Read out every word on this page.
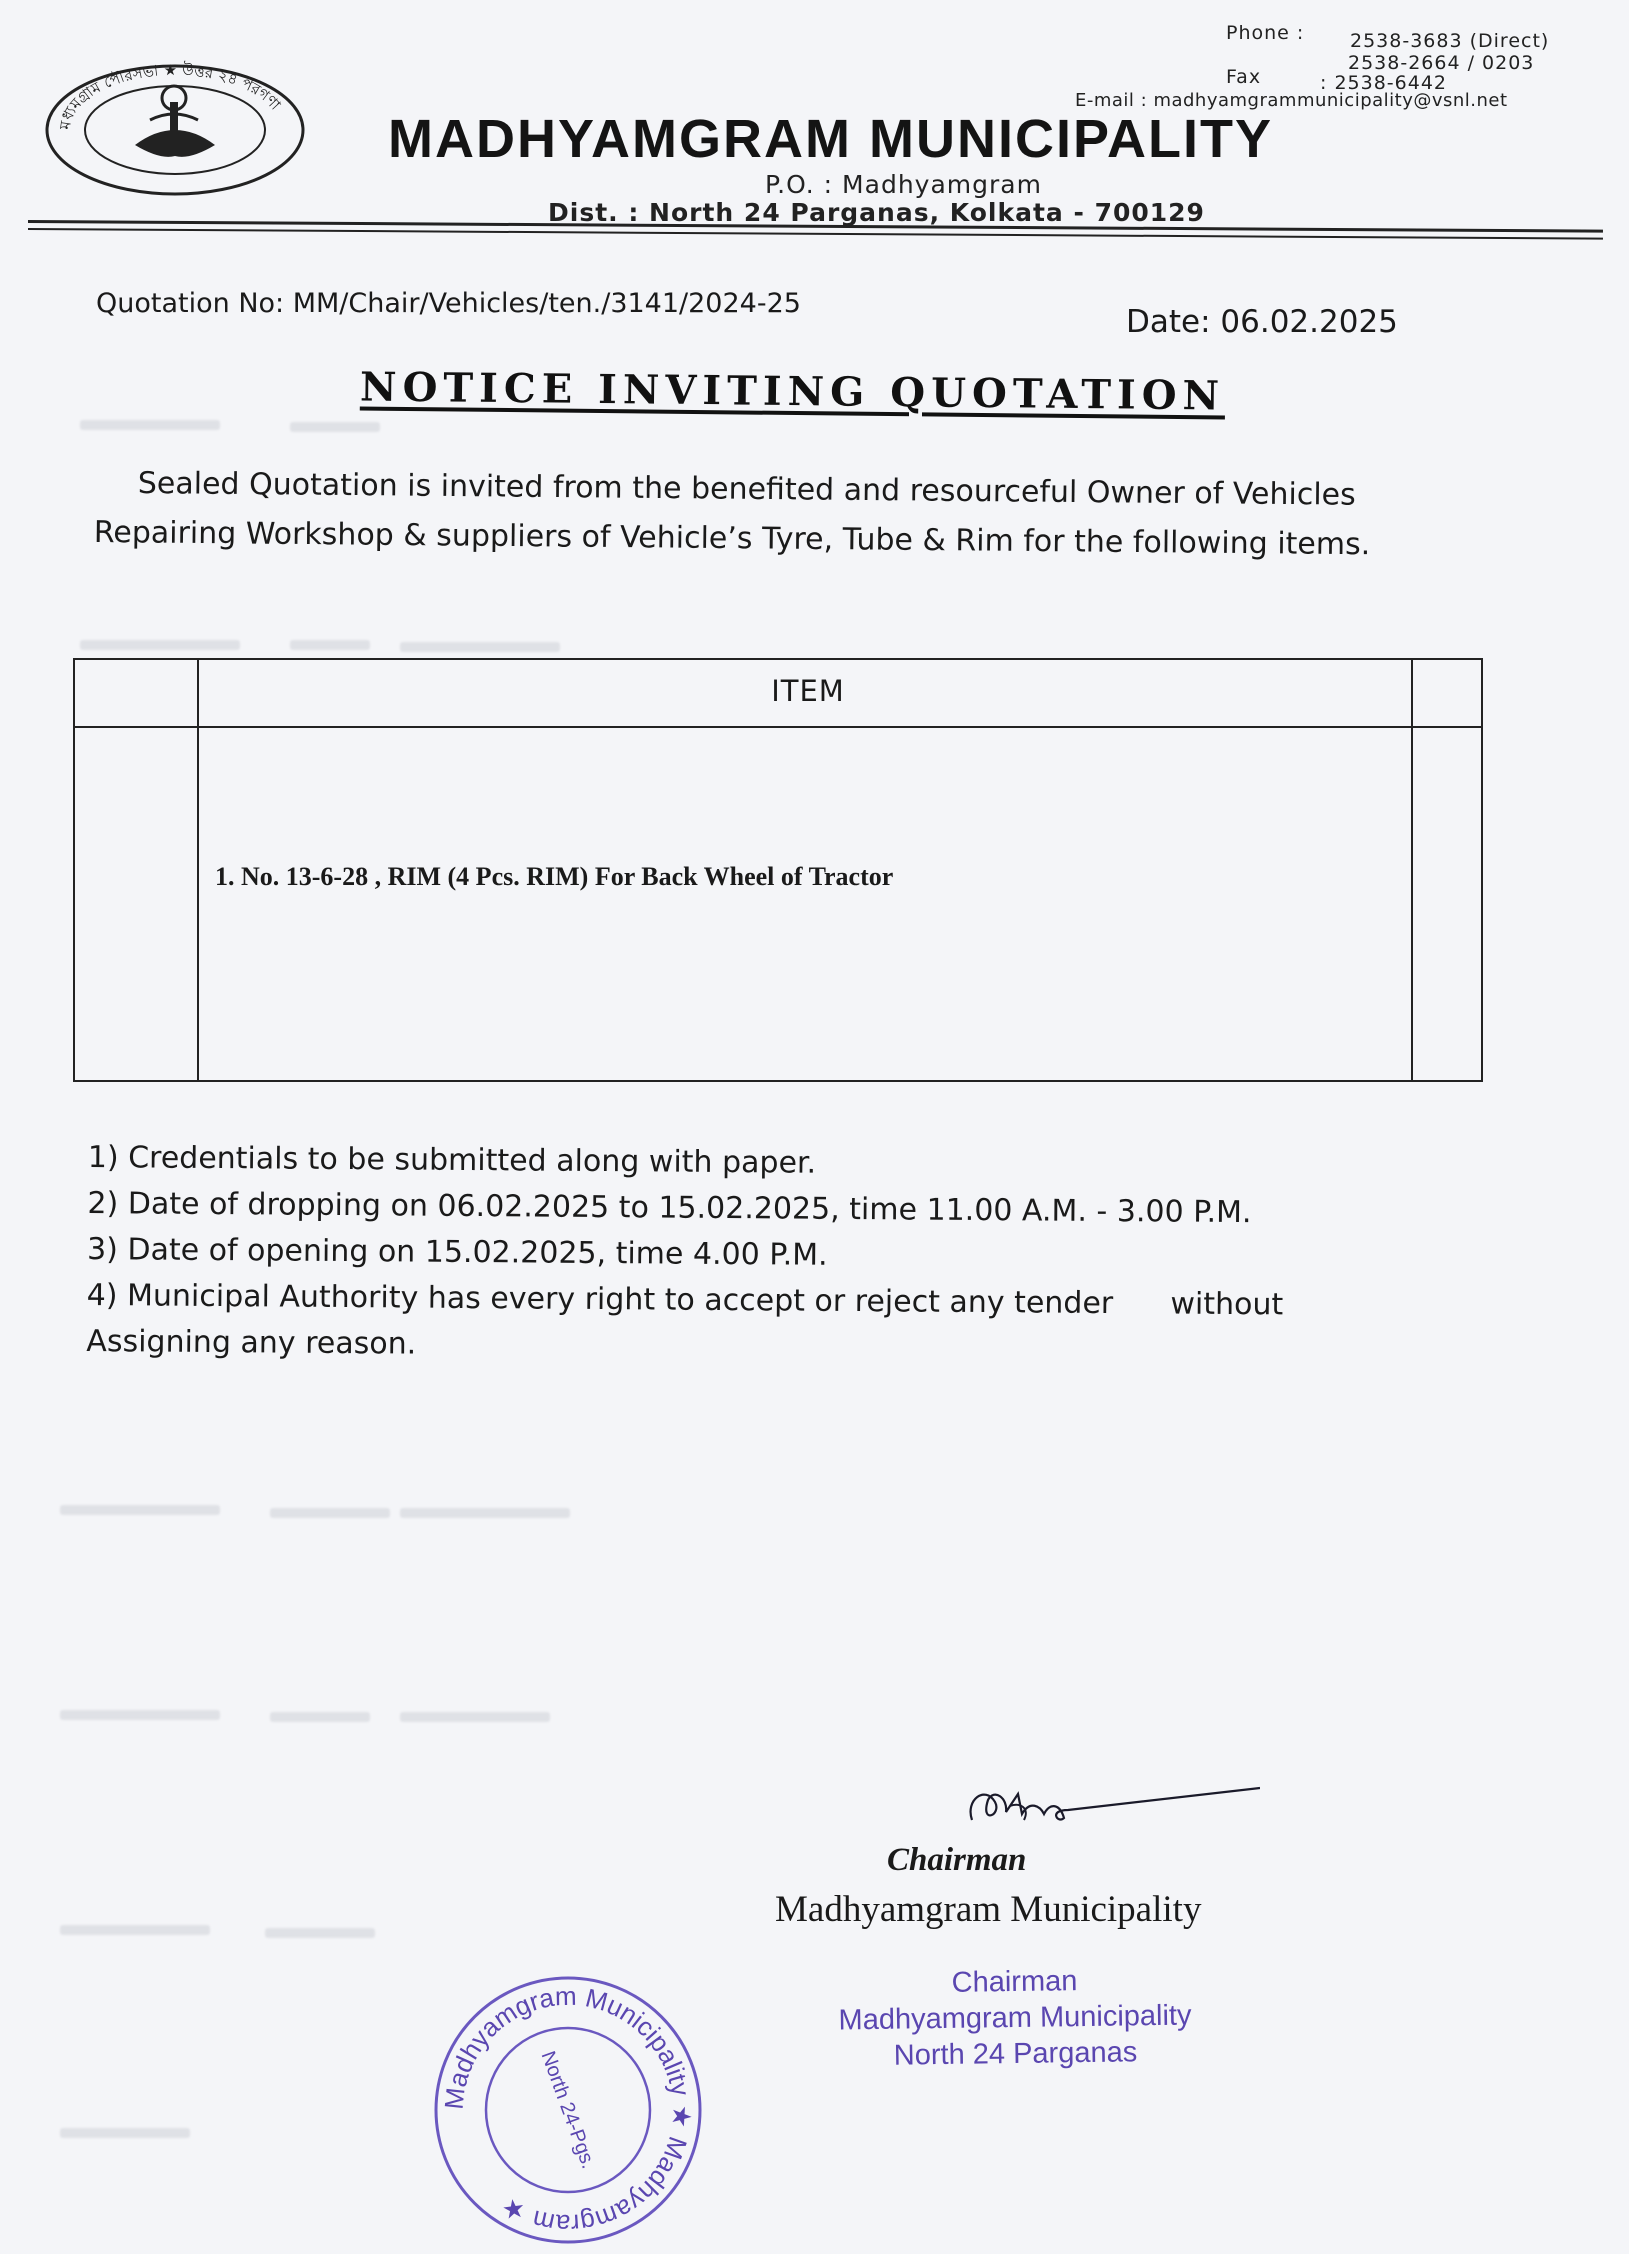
মধ্যমগ্রাম পৌরসভা ★ উত্তর ২৪ পরগণা
Phone : 2538-3683 (Direct)
2538-2664 / 0203
Fax	: 2538-6442
E-mail : madhyamgrammunicipality@vsnl.net
MADHYAMGRAM MUNICIPALITY
P.O. : Madhyamgram
Dist. : North 24 Parganas, Kolkata - 700129
Quotation No: MM/Chair/Vehicles/ten./3141/2024-25
Date: 06.02.2025
NOTICE INVITING QUOTATION
Sealed Quotation is invited from the benefited and resourceful Owner of Vehicles
Repairing Workshop & suppliers of Vehicle’s Tyre, Tube & Rim for the following items.
ITEM
1. No. 13-6-28 , RIM (4 Pcs. RIM) For Back Wheel of Tractor
1) Credentials to be submitted along with paper.
2) Date of dropping on 06.02.2025 to 15.02.2025, time 11.00 A.M. - 3.00 P.M.
3) Date of opening on 15.02.2025, time 4.00 P.M.
4) Municipal Authority has every right to accept or reject any tender      without
Assigning any reason.
Chairman
Madhyamgram Municipality
Chairman
Madhyamgram Municipality
North 24 Parganas
Madhyamgram Municipality ★ Madhyamgram ★
North 24-Pgs.
